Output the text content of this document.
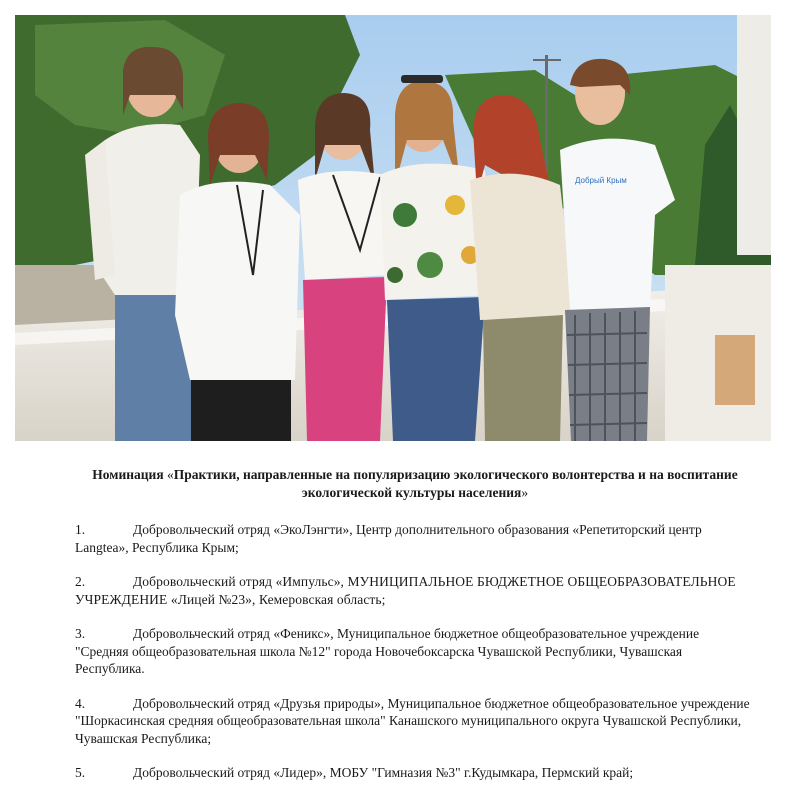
Добрый Крым
Номинация «Практики, направленные на популяризацию экологического волонтерства и на воспитание экологической культуры населения»
1.	Добровольческий отряд «ЭкоЛэнгти», Центр дополнительного образования «Репетиторский центр Langtea», Республика Крым;
2.	Добровольческий отряд «Импульс», МУНИЦИПАЛЬНОЕ БЮДЖЕТНОЕ ОБЩЕОБРАЗОВАТЕЛЬНОЕ УЧРЕЖДЕНИЕ «Лицей №23», Кемеровская область;
3.	Добровольческий отряд «Феникс», Муниципальное бюджетное общеобразовательное учреждение "Средняя общеобразовательная школа №12" города Новочебоксарска Чувашской Республики, Чувашская Республика.
4.	Добровольческий отряд «Друзья природы», Муниципальное бюджетное общеобразовательное учреждение "Шоркасинская средняя общеобразовательная школа" Канашского муниципального округа Чувашской Республики, Чувашская Республика;
5.	Добровольческий отряд «Лидер», МОБУ "Гимназия №3" г.Кудымкара, Пермский край;
